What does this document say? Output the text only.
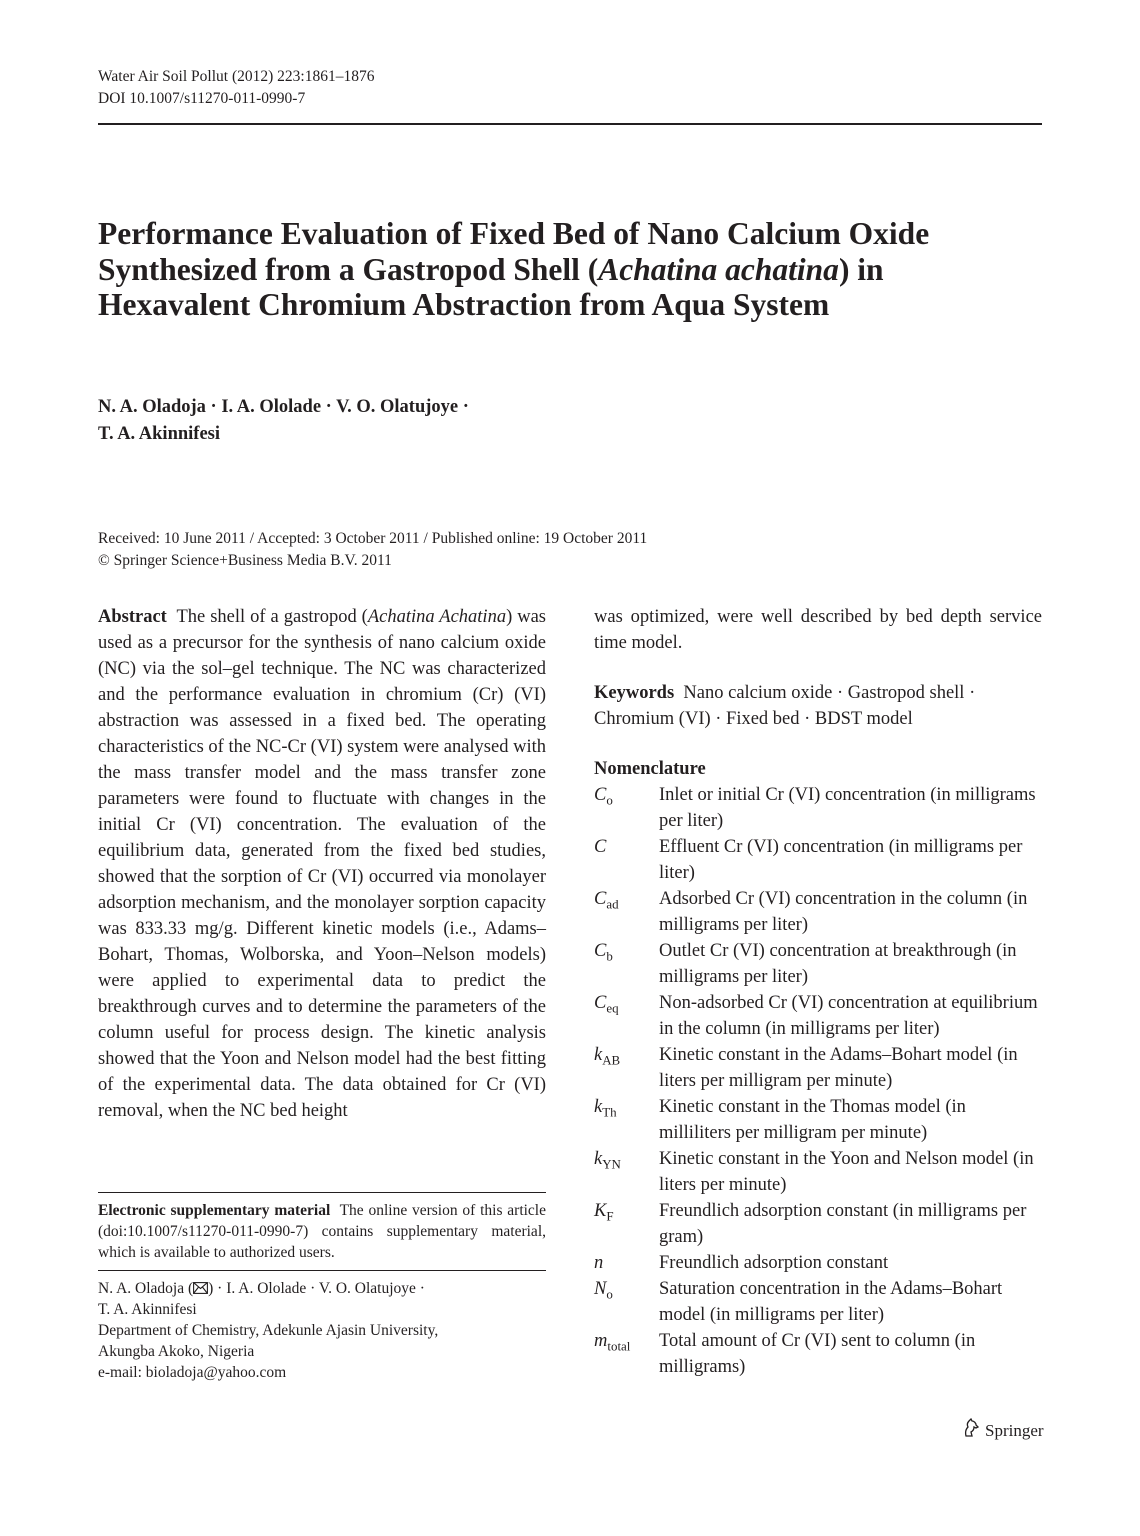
Water Air Soil Pollut (2012) 223:1861–1876
DOI 10.1007/s11270-011-0990-7
Performance Evaluation of Fixed Bed of Nano Calcium Oxide Synthesized from a Gastropod Shell (Achatina achatina) in Hexavalent Chromium Abstraction from Aqua System
N. A. Oladoja · I. A. Ololade · V. O. Olatujoye ·
T. A. Akinnifesi
Received: 10 June 2011 / Accepted: 3 October 2011 / Published online: 19 October 2011
© Springer Science+Business Media B.V. 2011
Abstract The shell of a gastropod (Achatina Achatina) was used as a precursor for the synthesis of nano calcium oxide (NC) via the sol–gel technique. The NC was characterized and the performance evaluation in chromium (Cr) (VI) abstraction was assessed in a fixed bed. The operating characteristics of the NC-Cr (VI) system were analysed with the mass transfer model and the mass transfer zone parameters were found to fluctuate with changes in the initial Cr (VI) concentration. The evaluation of the equilibrium data, generated from the fixed bed studies, showed that the sorption of Cr (VI) occurred via monolayer adsorption mechanism, and the monolayer sorption capacity was 833.33 mg/g. Different kinetic models (i.e., Adams–Bohart, Thomas, Wolborska, and Yoon–Nelson models) were applied to experimental data to predict the breakthrough curves and to determine the parameters of the column useful for process design. The kinetic analysis showed that the Yoon and Nelson model had the best fitting of the experimental data. The data obtained for Cr (VI) removal, when the NC bed height
was optimized, were well described by bed depth service time model.
Keywords Nano calcium oxide · Gastropod shell · Chromium (VI) · Fixed bed · BDST model
Nomenclature
$C_o$	Inlet or initial Cr (VI) concentration (in milligrams per liter)
C	Effluent Cr (VI) concentration (in milligrams per liter)
$C_{ad}$	Adsorbed Cr (VI) concentration in the column (in milligrams per liter)
$C_b$	Outlet Cr (VI) concentration at breakthrough (in milligrams per liter)
$C_{eq}$	Non-adsorbed Cr (VI) concentration at equilibrium in the column (in milligrams per liter)
$k_{AB}$	Kinetic constant in the Adams–Bohart model (in liters per milligram per minute)
$k_{Th}$	Kinetic constant in the Thomas model (in milliliters per milligram per minute)
$k_{YN}$	Kinetic constant in the Yoon and Nelson model (in liters per minute)
$K_F$	Freundlich adsorption constant (in milligrams per gram)
n	Freundlich adsorption constant
$N_o$	Saturation concentration in the Adams–Bohart model (in milligrams per liter)
$m_{total}$	Total amount of Cr (VI) sent to column (in milligrams)
Electronic supplementary material The online version of this article (doi:10.1007/s11270-011-0990-7) contains supplementary material, which is available to authorized users.
N. A. Oladoja ( ) · I. A. Ololade · V. O. Olatujoye ·
T. A. Akinnifesi
Department of Chemistry, Adekunle Ajasin University,
Akungba Akoko, Nigeria
e-mail: bioladoja@yahoo.com
Springer
